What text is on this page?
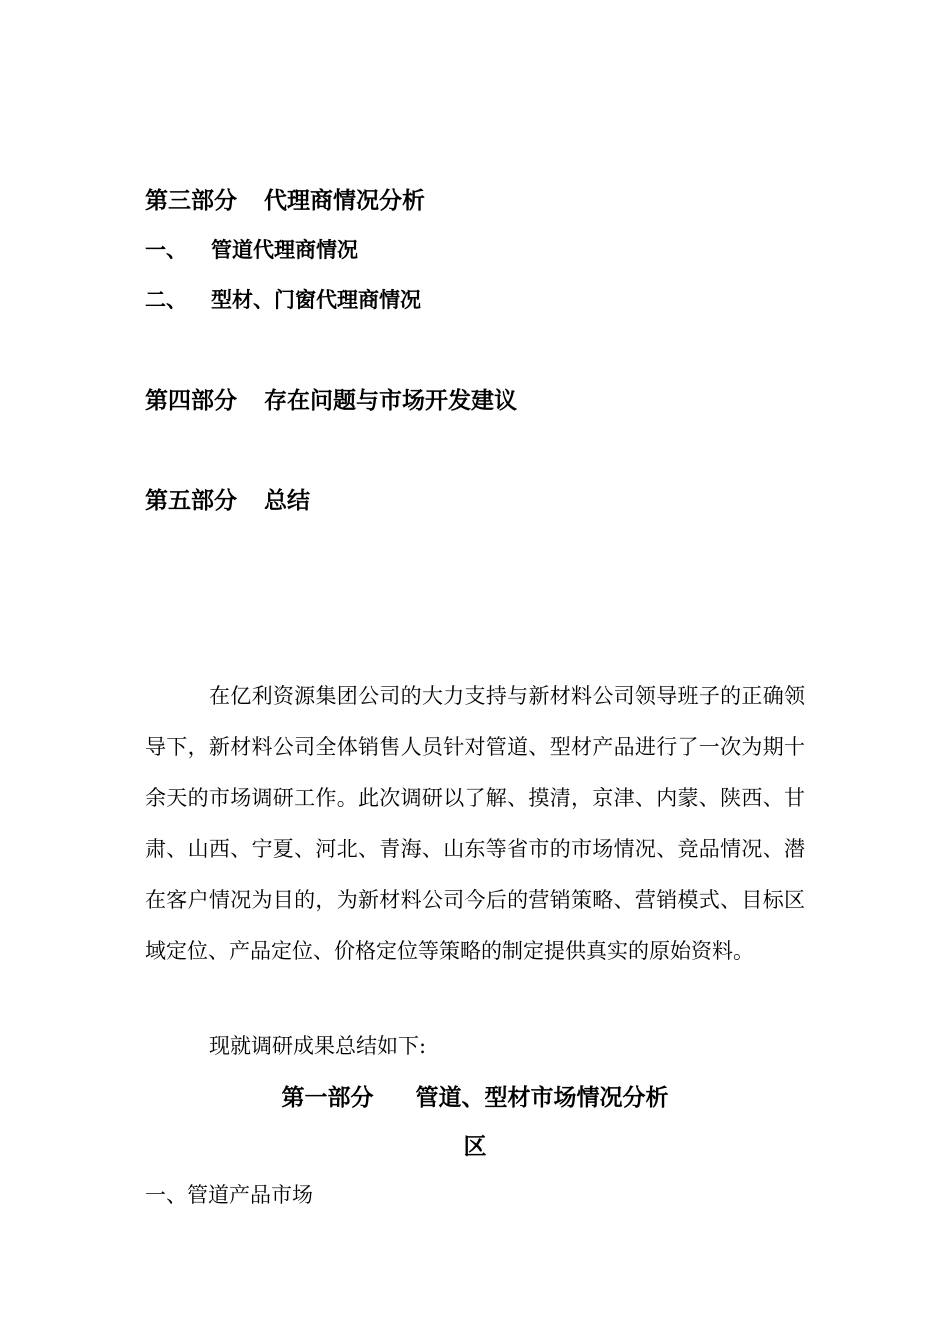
第三部分 代理商情况分析
一、 管道代理商情况
二、 型材、门窗代理商情况
第四部分 存在问题与市场开发建议
第五部分 总结
在亿利资源集团公司的大力支持与新材料公司领导班子的正确领导下，新材料公司全体销售人员针对管道、型材产品进行了一次为期十余天的市场调研工作。此次调研以了解、摸清，京津、内蒙、陕西、甘肃、山西、宁夏、河北、青海、山东等省市的市场情况、竞品情况、潜在客户情况为目的，为新材料公司今后的营销策略、营销模式、目标区域定位、产品定位、价格定位等策略的制定提供真实的原始资料。
现就调研成果总结如下:
第一部分 管道、型材市场情况分析
区
一、管道产品市场
